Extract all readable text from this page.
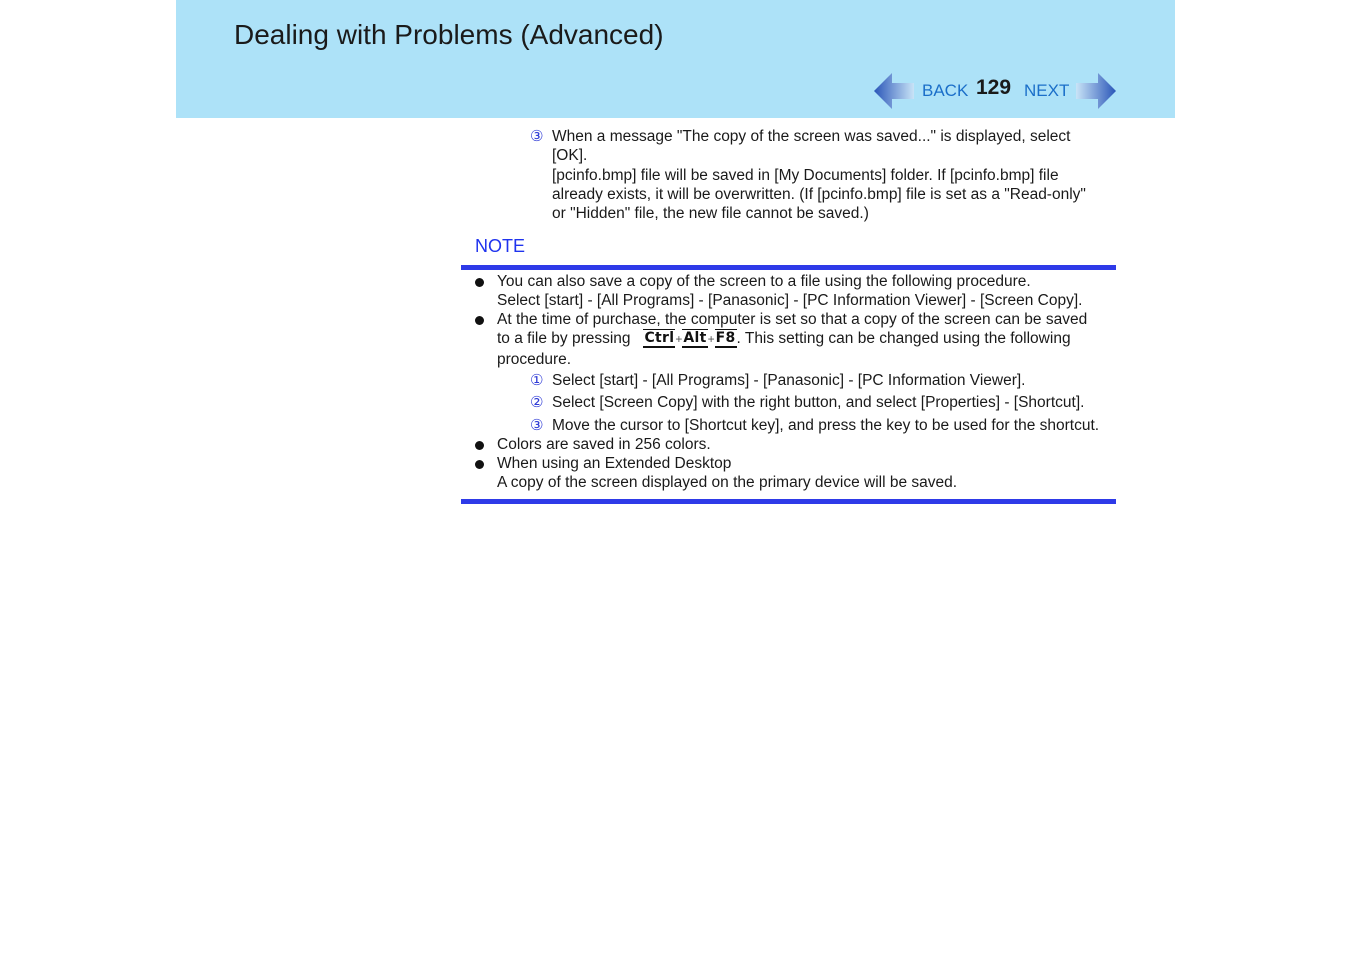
Dealing with Problems (Advanced)
BACK 129 NEXT
③ When a message "The copy of the screen was saved..." is displayed, select
[OK].
[pcinfo.bmp] file will be saved in [My Documents] folder. If [pcinfo.bmp] file
already exists, it will be overwritten. (If [pcinfo.bmp] file is set as a "Read-only"
or "Hidden" file, the new file cannot be saved.)
NOTE
You can also save a copy of the screen to a file using the following procedure.
Select [start] - [All Programs] - [Panasonic] - [PC Information Viewer] - [Screen Copy].
At the time of purchase, the computer is set so that a copy of the screen can be saved
to a file by pressing Ctrl+Alt+F8. This setting can be changed using the following
procedure.
① Select [start] - [All Programs] - [Panasonic] - [PC Information Viewer].
② Select [Screen Copy] with the right button, and select [Properties] - [Shortcut].
③ Move the cursor to [Shortcut key], and press the key to be used for the shortcut.
Colors are saved in 256 colors.
When using an Extended Desktop
A copy of the screen displayed on the primary device will be saved.
